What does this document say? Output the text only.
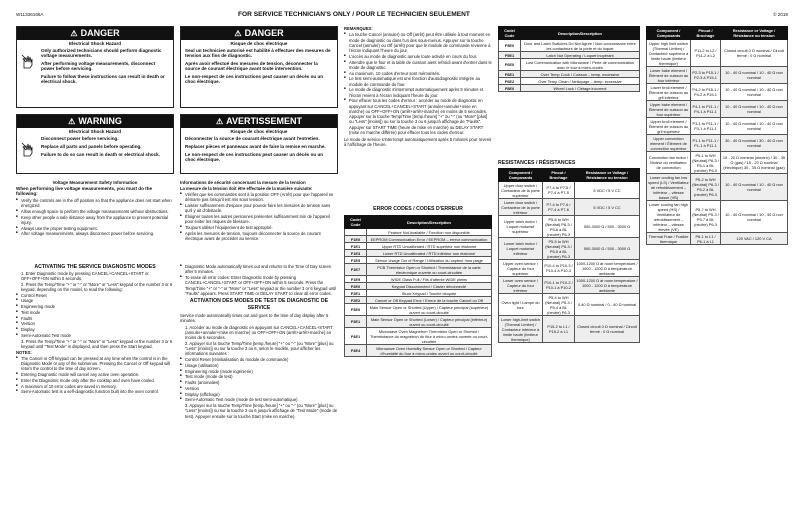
W11336166A	FOR SERVICE TECHNICIAN'S ONLY / POUR LE TECHNICIEN SEULEMENT	© 2019
⚠ DANGER
Electrical Shock Hazard

Only authorized technicians should perform diagnostic voltage measurements.

After performing voltage measurements, disconnect power before servicing.

Failure to follow these instructions can result in death or electrical shock.

⚠ DANGER
Risque de choc électrique

Seul un technicien autorisé est habilité à effectuer des mesures de tension aux fins de diagnostic.

Après avoir effectué des mesures de tension, déconnecter la source de courant électrique avant toute intervention.

Le non-respect de ces instructions peut causer un décès ou un choc électrique.

⚠ WARNING
Electrical Shock Hazard

Disconnect power before servicing.

Replace all parts and panels before operating.

Failure to do so can result in death or electrical shock.

⚠ AVERTISSEMENT
Risque de choc électrique

Déconnecter la source de courant électrique avant l'entretien.

Replacer pièces et panneaux avant de faire la remise en marche.

Le non-respect de ces instructions peut causer un décès ou un choc électrique.

Voltage Measurement Safety Information
When performing live voltage measurements, you must do the following:
■ Verify the controls are in the off position so that the appliance does not start when energized.
■ Allow enough space to perform the voltage measurements without obstructions.
■ Keep other people a safe distance away from the appliance to prevent potential injury.
■ Always use the proper testing equipment.
■ After voltage measurements, always disconnect power before servicing.
Informations de sécurité concernant la mesure de la tension
La mesure de la tension doit être effectuée de la manière suivante:
■ Vérifier que les commandes sont à la position OFF (Arrêt) pour que l'appareil ne démarre pas lorsqu'il est mis sous tension.
■ Laisser suffisamment d'espace pour pouvoir faire les mesures de tension sans qu'il y ait d'obstacle.
■ Éloigner toutes les autres personnes présentes suffisamment loin de l'appareil pour éviter les risques de blessure.
■ Toujours utiliser l'équipement de test approprié.
■ Après les mesures de tension, toujours déconnecter la source de courant électrique avant de procéder au service.
ACTIVATING THE SERVICE DIAGNOSTIC MODES
1. Enter Diagnostic mode by pressing CANCEL+CANCEL+START or OFF+OFF+ON within 5 seconds.
2. Press the Temp/Time "+" or "-" or "More" or "Less" keypad or the number 3 or 6 keypad, depending on the model, to read the following:
■ Control Reset
■ Usage
■ Engineering mode
■ Test mode
■ Faults
■ Version
■ Display
■ Semi-Automatic Test mode
3. Press the Temp/Time "+" or "-" or "More" or "Less" keypad or the number 3 or 6 keypad until "Test Mode" is displayed, and then press the Start keypad.
NOTES:
■ The Cancel or Off keypad can be pressed at any time when the control is in the Diagnostic Mode or any of the submenus. Pressing the Cancel or Off keypad will return the control to the time of day screen.
■ Entering Diagnostic mode will cancel any active oven operation.
■ Enter the Diagnostic mode only after the cooktop and oven have cooled.
■ A maximum of 10 error codes are saved in memory.
■ Semi-Automatic test is a self-diagnostic function built into the oven control.
■ Diagnostic Mode automatically times out and returns to the Time of Day screen after 5 minutes.
■ To erase all error codes: Enter Diagnostic mode by pressing CANCEL+CANCEL+START or OFF+OFF+ON within 5 seconds. Press the Temp/Time "+" or "-" or "More" or "Less" keypad or the number 3 or 6 keypad until "Faults" appears. Press START TIME or DELAY START to clear all error codes.
ACTIVATION DES MODES DE TEST DE DIAGNOSTIC DE SERVICE
Service mode automatically times out and goes to the time of day display after 5 minutes.
1. Accéder au mode de diagnostic en appuyant sur CANCEL+CANCEL+START (annuler+annuler+mise en marche) ou OFF+OFF+ON (arrêt+arrêt+marche) en moins de 5 secondes.
2. Appuyer sur la touche Temp/Time [temp./heure] "+" ou "-" (ou "More" [plus] ou "Less" [moins]) ou sur la touche 3 ou 6, selon le modèle, pour afficher les informations suivantes :
■ Control Reset (réinitialisation du module de commande)
■ Usage (utilisation)
■ Engineering mode (mode ingénierie)
■ Test mode (mode de test)
■ Faults (anomalies)
■ Version
■ Display (affichage)
■ Semi-Automatic Test mode (mode de test semi-automatique)
3. Appuyer sur la touche Temp/Time [temp./heure] "+" ou "-" (ou "More" [plus] ou "Less" [moins]) ou sur la touche 3 ou 6 jusqu'à affichage de "Test Mode" (mode de test). Appuyer ensuite sur la touche Start (mise en marche).
REMARQUES:
■ La touche Cancel (annuler) ou Off (arrêt) peut être utilisée à tout moment en mode de diagnostic ou dans l'un des sous-menus. Appuyer sur la touche Cancel (annuler) ou Off (arrêt) pour que le module de commande revienne à l'écran indiquant l'heure du jour.
■ L'accès au mode de diagnostic annule toute activité en cours du four.
■ Attendre que le four et la table de cuisson aient refroidi avant d'entrer dans le mode de diagnostic.
■ Au maximum, 10 codes d'erreur sont mémorisés.
■ Le test semi-automatique est une fonction d'autodiagnostic intégrée au module de commande du four.
■ Le mode de diagnostic s'interrompt automatiquement après 5 minutes et l'écran revient à l'écran indiquant l'heure du jour.
■ Pour effacer tous les codes d'erreur : accéder au mode de diagnostic en appuyant sur CANCEL+CANCEL+START (annuler+annuler+mise en marche) ou OFF+OFF+ON (arrêt+arrêt+marche) en moins de 5 secondes. Appuyer sur la touche Temp/Time [temp./heure] "+" ou "-" (ou "More" [plus] ou "Less" [moins]) ou sur la touche 3 ou 6 jusqu'à affichage de "Faults". Appuyer sur START TIME (heure de mise en marche) ou DELAY START (mise en marche différée) pour effacer tous les codes d'erreur.
Le mode de service s'interrompt automatiquement après 5 minutes pour revenir à l'affichage de l'heure.
ERROR CODES / CODES D'ERREUR
Code/ Code	Description/Description
	Feature Not Available / Fonction non disponible
F1E0	EEPROM Communication Error / EEPROM – erreur communication
F1E1	Upper RTD Uncalibrated / RTD supérieur non étalonné
F1E3	Lower RTD Uncalibrated / RTD inférieur non étalonné
F1E5	Sensor Usage Out of Range / Utilisation du capteur hors plage
F1E7	PCB Thermistor Open or Shorted / Thermistance de la carte électronique ouverte ou court-circuitée
F1E9	WIDE Glass Full / Fils d'attente WIDE pleins
F2E0	Keypad Disconnected / Clavier déconnecté
F2E1	Stuck Keypad / Touche bloquée
F2E2	Cancel or Off Keypad Error / Erreur de la touche Cancel ou Off
F3E0	Main Sensor Open or Shorted (Upper) / Capteur principal (supérieur) ouvert ou court-circuité
F3E1	Main Sensor Open or Shorted (Lower) / Capteur principal (inférieur) ouvert ou court-circuité
F4E1	Microwave Oven Magnetron Thermistor Open or Shorted / Thermistance du magnétron du four à micro-ondes ouverte ou court-circuitée
F4E4	Microwave Oven Humidity Sensor Open or Shorted / Capteur d'humidité du four à micro-ondes ouvert ou court-circuité
Code/ Code	Description/Description
F5E0	Door and Latch Switches Do Not Agree / Non-concordance entre les contacteurs de la porte et du loquet
F5E1	Latch Not Operating / Loquet inopérant
F6E0	Lost Communication with Microwave / Perte de communication avec le four à micro-ondes
F6E1	Over Temp Cook / Cuisson – temp. excessive
F6E2	Over Temp Clean / Nettoyage – temp. excessive
F8E0	Wheel Lock / Clétage incorrect
RESISTANCES / RÉSISTANCES
Component / Composants	Pinout / Brochage	Resistance or Voltage / Résistance ou tension
Upper door switch / Contacteur de la porte supérieur	P7-4 to P7-5 / P7-4 à P7-5	5 VDC / 5 V CC
Lower door switch / Contacteur de la porte inférieur	P7-4 to P7-6 / P7-4 à P7-6	5 VDC / 5 V CC
Upper latch motor / Loquet motorisé supérieur	P5-6 to WH (Neutral) P6-3 / P5-6 à BL (neutre) P6-3	500-3000 Ω / 500 - 3000 Ω
Lower latch motor / Loquet motorisé inférieur	P5-5 to WH (Neutral) P6-3 / P5-5 à BL (neutre) P6-3	500-3000 Ω / 500 - 3000 Ω
Upper oven sensor / Capteur du four supérieur	P10-4 to P10-3 / P10-4 à P10-3	1000-1200 Ω at room temperature / 1000 - 1200 Ω à température ambiante
Lower oven sensor / Capteur du four inférieur	P10-1 to P10-2 / P10-1 à P10-2	1000-1200 Ω at room temperature / 1000 - 1200 Ω à température ambiante
Oven light / Lampe du four	P5-4 to WH (Neutral) P6-3 / P5-4 à BL (neutre) P6-3	0-40 Ω nominal / 0 - 40 Ω nominal
Lower high-limit switch (Thermal Limiter) / Contacteur inférieur à limite haute (limiteur thermique)	P15-2 to L1 / P15-2 à L1	Closed circuit 0 Ω nominal / Circuit fermé : 0 Ω nominal
Component / Composants	Pinout / Brochage	Resistance or Voltage / Résistance ou tension
Upper high limit switch (Thermal Limiter) / Contacteur supérieur à limite haute (limiteur thermique)	P11-2 to L2 / P11-2 à L2	Closed circuit 0 Ω nominal / Circuit fermé : 0 Ω nominal
Lower bake element / Élément de cuisson au four inférieur	P2-3 to P15-1 / P2-3 à P15-1	10 - 40 Ω nominal / 10 - 40 Ω non nominal
Lower broil element / Élément de cuisson au gril inférieur	P4-2 to P15-1 / P4-2 à P15-1	10 - 40 Ω nominal / 10 - 40 Ω non nominal
Upper bake element / Élément de cuisson au four supérieur	P4-1 to P11-1 / P4-1 à P11-1	10 - 40 Ω nominal / 10 - 40 Ω non nominal
Upper broil element / Élément de cuisson au gril supérieur	P3-1 to P11-1 / P3-1 à P11-1	10 - 40 Ω nominal / 10 - 40 Ω non nominal
Upper convection element / Élément de convection supérieur	P1-1 to P11-1 / P1-1 à P11-1	30 - 40 Ω nominal / 30 - 40 Ω non nominal
Convection fan motor / Moteur du ventilateur de convection	P5-1 to WH (Neutral) P6-3 / P5-1 à BL (neutre) P6-3	15 - 20 Ω nominal (electric) / 30 - 35 Ω (gas) / 15 - 20 Ω nominal (électrique) 30 - 35 Ω nominal (gaz)
Lower cooling fan low speed (LS) / Ventilateur de refroidissement – inférieur – vitesse basse (VB)	P5-2 to WH (Neutral) P6-3 / P5-2 à BL (neutre) P6-3	10 - 40 Ω nominal / 10 - 40 Ω non nominal
Lower cooling fan high speed (HS) / Ventilateur de refroidissement – inférieur – vitesse élevée (VE)	P5-7 to WH (Neutral) P6-3 / P5-7 à BL (neutre) P6-3	10 - 40 Ω nominal / 10 - 40 Ω non nominal
Thermal Fuse / Fusible thermique	P6-1 to L1 / P6-1 à L1	120 VAC / 120 V CA
